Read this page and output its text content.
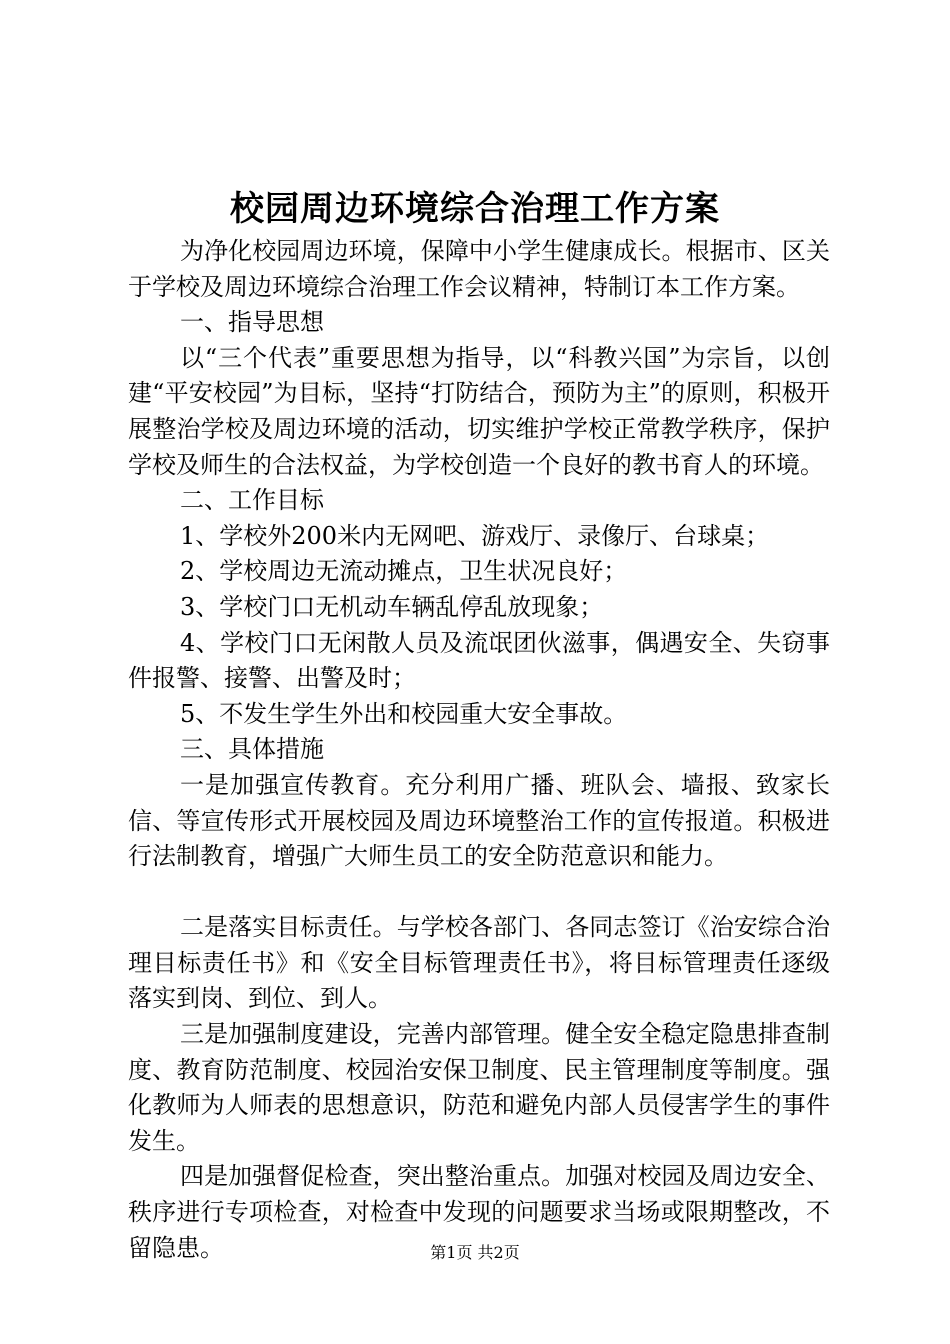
校园周边环境综合治理工作方案

为净化校园周边环境，保障中小学生健康成长。根据市、区关于学校及周边环境综合治理工作会议精神，特制订本工作方案。

一、指导思想

以“三个代表”重要思想为指导，以“科教兴国”为宗旨，以创建“平安校园”为目标，坚持“打防结合，预防为主”的原则，积极开展整治学校及周边环境的活动，切实维护学校正常教学秩序，保护学校及师生的合法权益，为学校创造一个良好的教书育人的环境。

二、工作目标

1、学校外200米内无网吧、游戏厅、录像厅、台球桌；

2、学校周边无流动摊点，卫生状况良好；

3、学校门口无机动车辆乱停乱放现象；

4、学校门口无闲散人员及流氓团伙滋事，偶遇安全、失窃事件报警、接警、出警及时；

5、不发生学生外出和校园重大安全事故。

三、具体措施

一是加强宣传教育。充分利用广播、班队会、墙报、致家长信、等宣传形式开展校园及周边环境整治工作的宣传报道。积极进行法制教育，增强广大师生员工的安全防范意识和能力。

二是落实目标责任。与学校各部门、各同志签订《治安综合治理目标责任书》和《安全目标管理责任书》，将目标管理责任逐级落实到岗、到位、到人。

三是加强制度建设，完善内部管理。健全安全稳定隐患排查制度、教育防范制度、校园治安保卫制度、民主管理制度等制度。强化教师为人师表的思想意识，防范和避免内部人员侵害学生的事件发生。

四是加强督促检查，突出整治重点。加强对校园及周边安全、秩序进行专项检查，对检查中发现的问题要求当场或限期整改，不留隐患。	第1页 共2页
